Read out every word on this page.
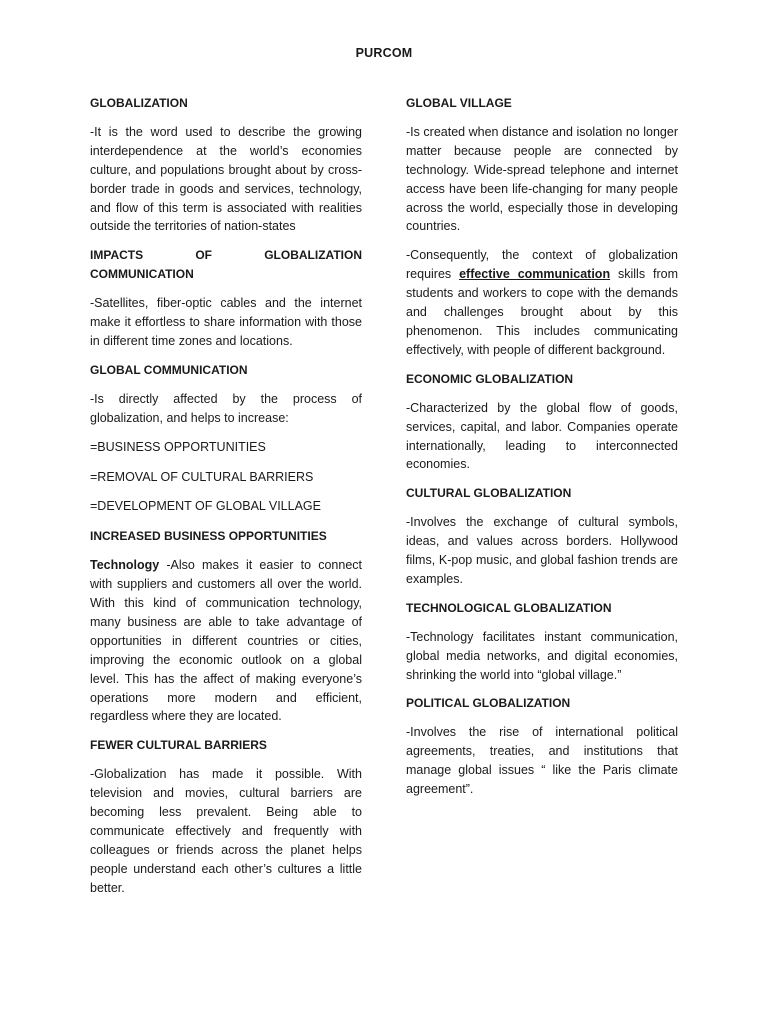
PURCOM
GLOBALIZATION
-It is the word used to describe the growing interdependence at the world’s economies culture, and populations brought about by cross-border trade in goods and services, technology, and flow of this term is associated with realities outside the territories of nation-states
IMPACTS OF GLOBALIZATION COMMUNICATION
-Satellites, fiber-optic cables and the internet make it effortless to share information with those in different time zones and locations.
GLOBAL COMMUNICATION
-Is directly affected by the process of globalization, and helps to increase:
=BUSINESS OPPORTUNITIES
=REMOVAL OF CULTURAL BARRIERS
=DEVELOPMENT OF GLOBAL VILLAGE
INCREASED BUSINESS OPPORTUNITIES
Technology -Also makes it easier to connect with suppliers and customers all over the world. With this kind of communication technology, many business are able to take advantage of opportunities in different countries or cities, improving the economic outlook on a global level. This has the affect of making everyone’s operations more modern and efficient, regardless where they are located.
FEWER CULTURAL BARRIERS
-Globalization has made it possible. With television and movies, cultural barriers are becoming less prevalent. Being able to communicate effectively and frequently with colleagues or friends across the planet helps people understand each other’s cultures a little better.
GLOBAL VILLAGE
-Is created when distance and isolation no longer matter because people are connected by technology. Wide-spread telephone and internet access have been life-changing for many people across the world, especially those in developing countries.
-Consequently, the context of globalization requires effective communication skills from students and workers to cope with the demands and challenges brought about by this phenomenon. This includes communicating effectively, with people of different background.
ECONOMIC GLOBALIZATION
-Characterized by the global flow of goods, services, capital, and labor. Companies operate internationally, leading to interconnected economies.
CULTURAL GLOBALIZATION
-Involves the exchange of cultural symbols, ideas, and values across borders. Hollywood films, K-pop music, and global fashion trends are examples.
TECHNOLOGICAL GLOBALIZATION
-Technology facilitates instant communication, global media networks, and digital economies, shrinking the world into “global village.”
POLITICAL GLOBALIZATION
-Involves the rise of international political agreements, treaties, and institutions that manage global issues “ like the Paris climate agreement”.
